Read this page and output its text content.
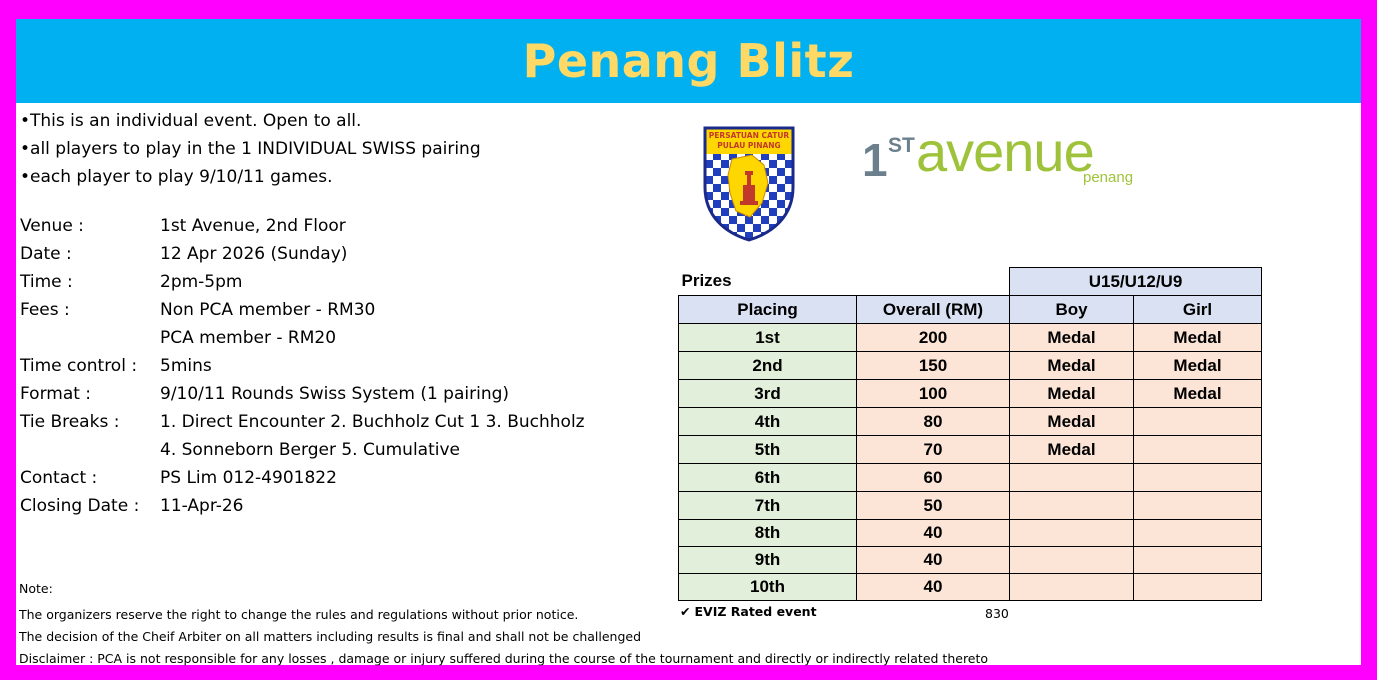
Penang Blitz
•This is an individual event. Open to all.
•all players to play in the 1 INDIVIDUAL SWISS pairing
•each player to play 9/10/11 games.
Venue :	1st Avenue, 2nd Floor
Date :	12 Apr 2026 (Sunday)
Time :	2pm-5pm
Fees :	Non PCA member - RM30
PCA member - RM20
Time control :	5mins
Format :	9/10/11 Rounds Swiss System (1 pairing)
Tie Breaks :	1. Direct Encounter 2. Buchholz Cut 1 3. Buchholz
4. Sonneborn Berger 5. Cumulative
Contact :	PS Lim 012-4901822
Closing Date :	11-Apr-26
Note:
The organizers reserve the right to change the rules and regulations without prior notice.
The decision of the Cheif Arbiter on all matters including results is final and shall not be challenged
Disclaimer : PCA is not responsible for any losses , damage or injury suffered during the course of the tournament and directly or indirectly related thereto
PERSATUAN CATUR
PULAU PINANG 1 ST avenue
penang
Prizes		U15/U12/U9	
Placing	Overall (RM)	Boy	Girl
1st	200	Medal	Medal
2nd	150	Medal	Medal
3rd	100	Medal	Medal
4th	80	Medal	
5th	70	Medal	
6th	60		
7th	50		
8th	40		
9th	40		
10th	40		
✔ EVIZ Rated event	830
